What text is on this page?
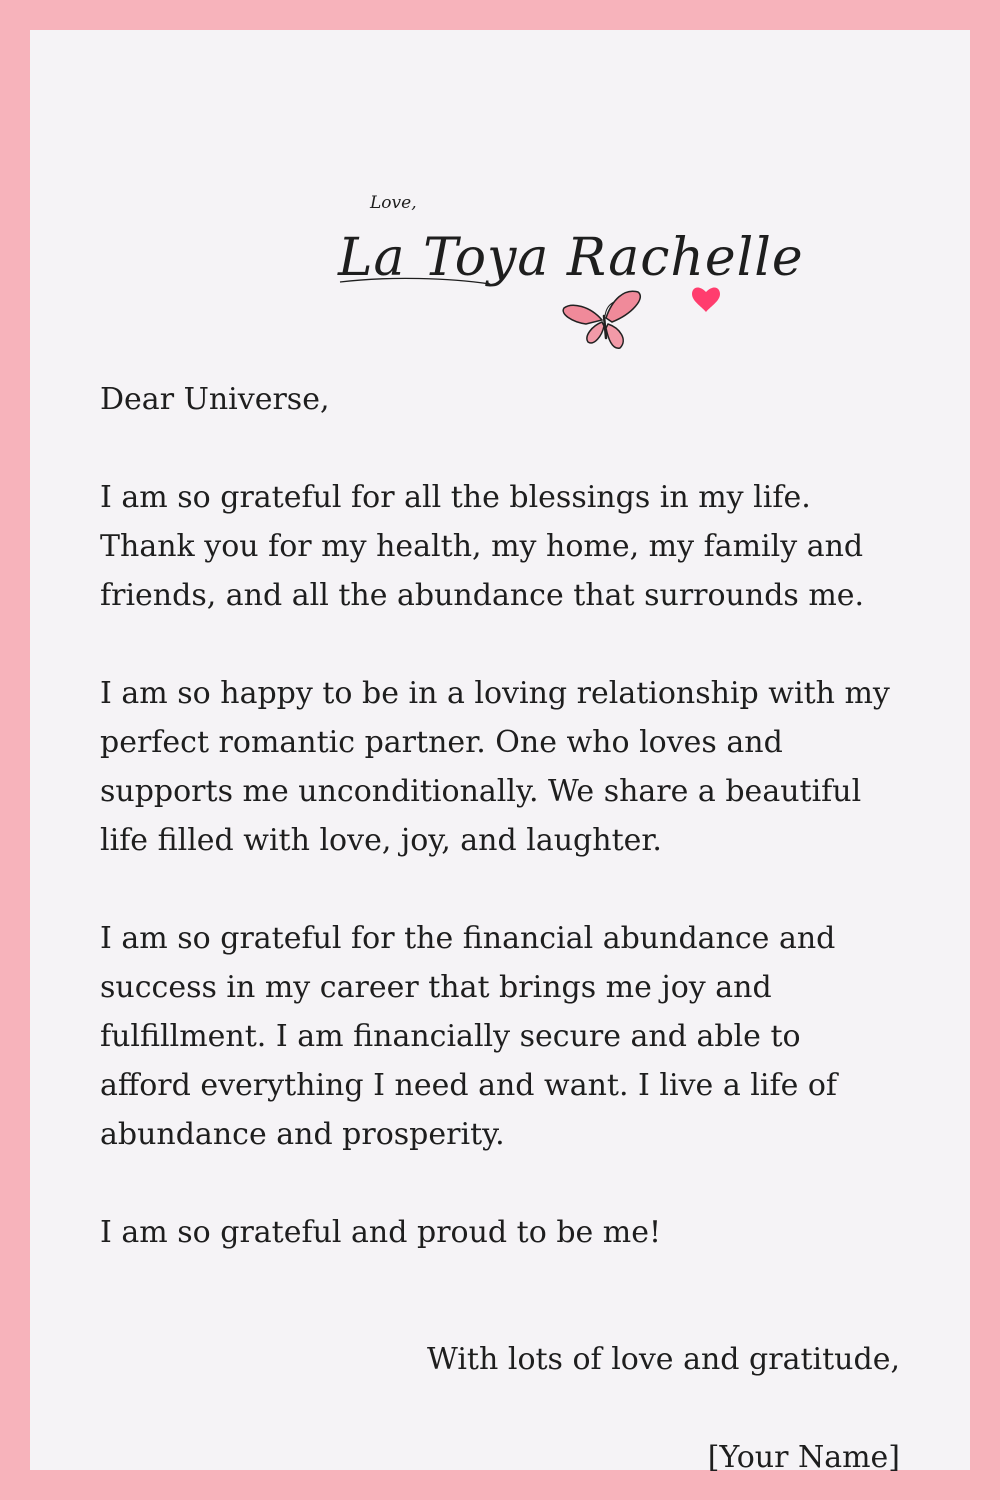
Love,
La Toya Rachelle

Dear Universe,

I am so grateful for all the blessings in my life.
Thank you for my health, my home, my family and
friends, and all the abundance that surrounds me.

I am so happy to be in a loving relationship with my
perfect romantic partner. One who loves and
supports me unconditionally. We share a beautiful
life filled with love, joy, and laughter.

I am so grateful for the financial abundance and
success in my career that brings me joy and
fulfillment. I am financially secure and able to
afford everything I need and want. I live a life of
abundance and prosperity.

I am so grateful and proud to be me!

With lots of love and gratitude,
[Your Name]
